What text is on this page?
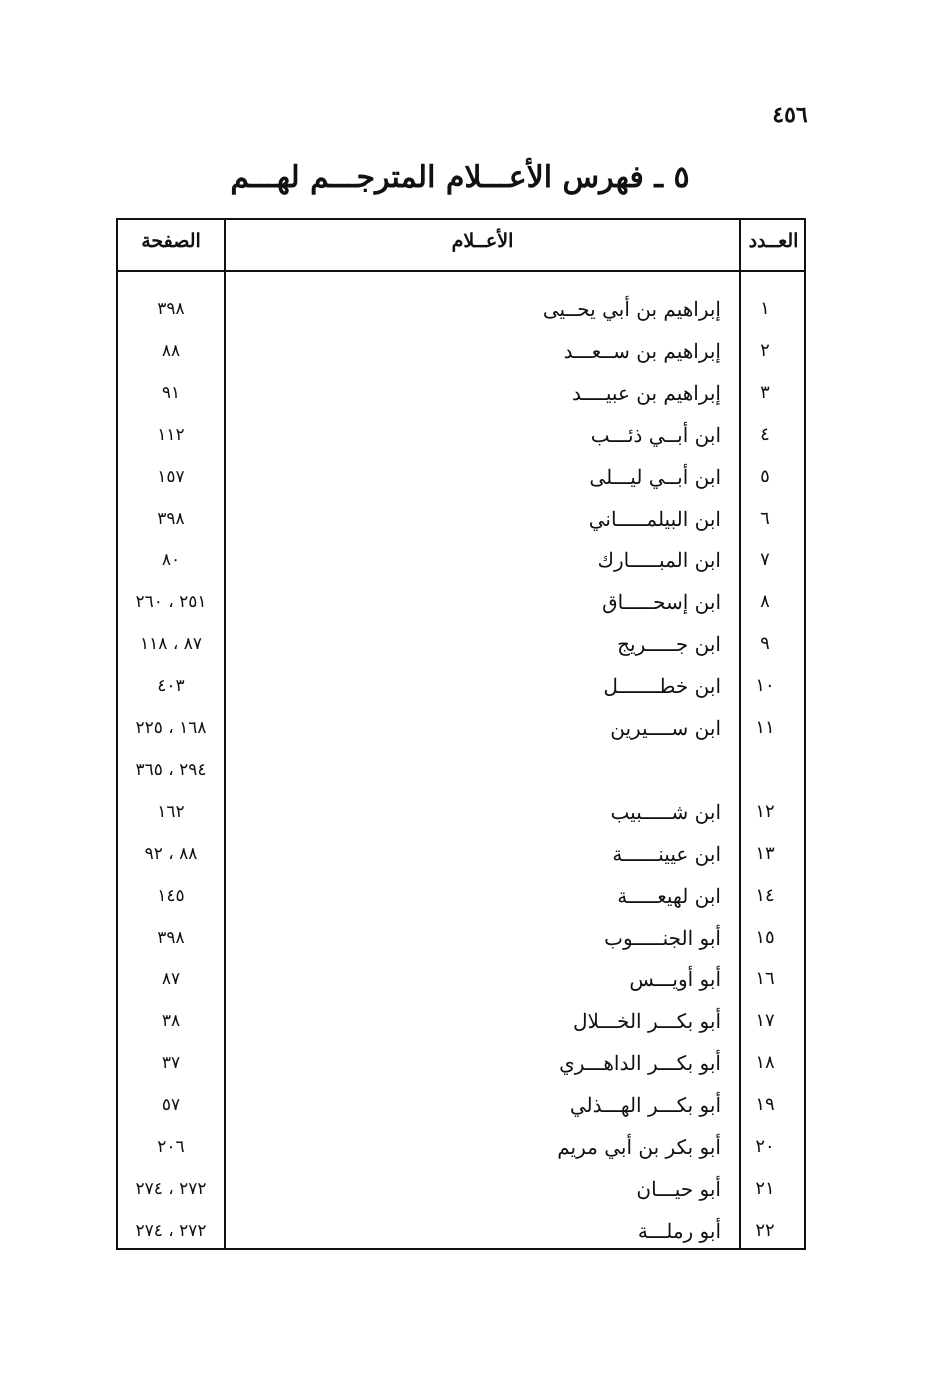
٤٥٦
٥ ـ فهرس الأعـــلام المترجـــم لهـــم
العــدد
الأعــلام
الصفحة
١
إبراهيم بن أبي يحــيى
٣٩٨
٢
إبراهيم بن ســعـــد
٨٨
٣
إبراهيم بن عبيــــد
٩١
٤
ابن أبــي ذئـــب
١١٢
٥
ابن أبــي ليـــلى
١٥٧
٦
ابن البيلمـــــاني
٣٩٨
٧
ابن المبـــــارك
٨٠
٨
ابن إسحـــــاق
٢٥١ ، ٢٦٠
٩
ابن جـــــريج
٨٧ ، ١١٨
١٠
ابن خطـــــــل
٤٠٣
١١
ابن ســــيرين
١٦٨ ، ٢٢٥
٢٩٤ ، ٣٦٥
١٢
ابن شـــــبيب
١٦٢
١٣
ابن عيينــــــة
٨٨ ، ٩٢
١٤
ابن لهيعـــــة
١٤٥
١٥
أبو الجنـــــوب
٣٩٨
١٦
أبو أويـــس
٨٧
١٧
أبو بكـــر الخـــلال
٣٨
١٨
أبو بكـــر الداهـــري
٣٧
١٩
أبو بكـــر الهـــذلي
٥٧
٢٠
أبو بكر بن أبي مريم
٢٠٦
٢١
أبو حيـــان
٢٧٢ ، ٢٧٤
٢٢
أبو رملـــة
٢٧٢ ، ٢٧٤
